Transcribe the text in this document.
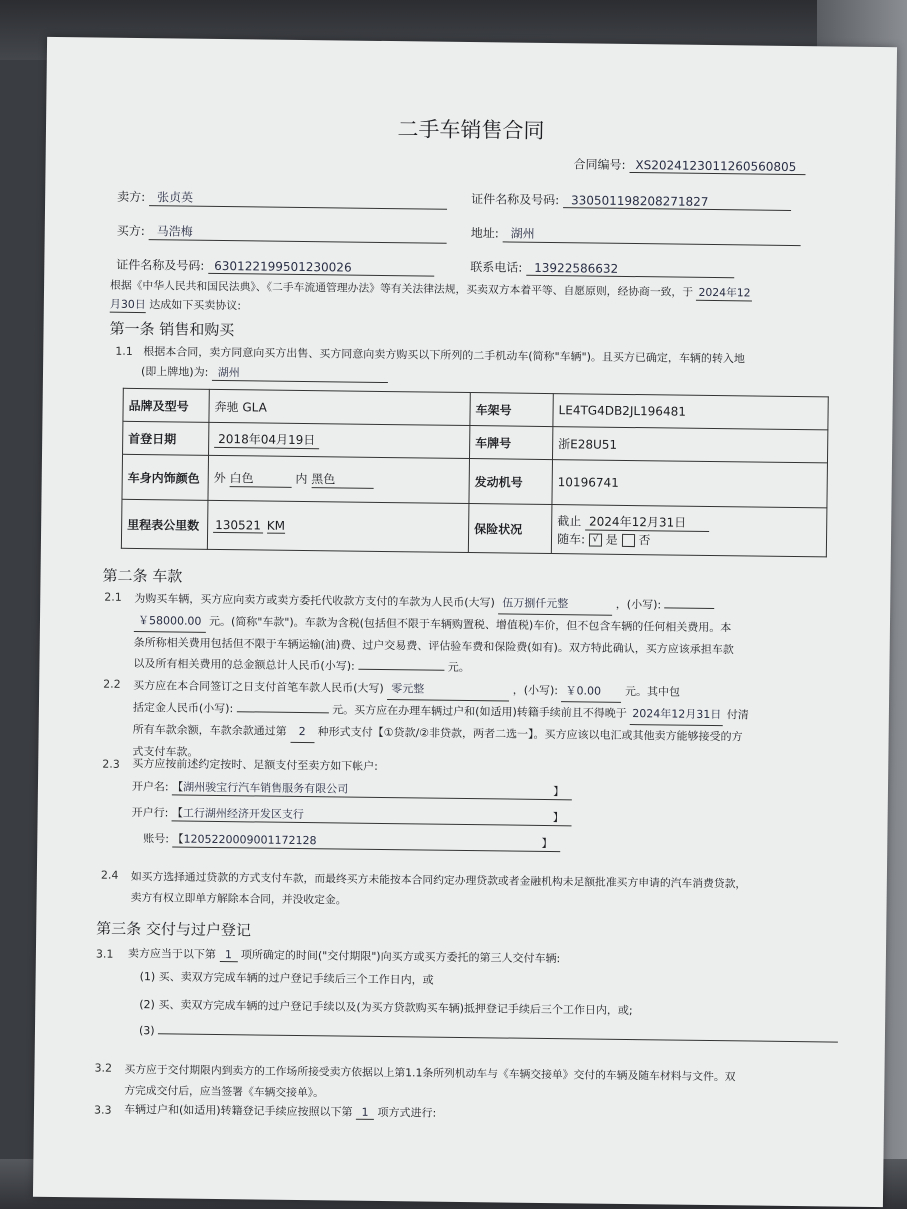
二手车销售合同
合同编号: XS2024123011260560805
卖方: 张贞英	证件名称及号码: 330501198208271827
买方: 马浩梅	地址: 湖州
证件名称及号码: 630122199501230026	联系电话: 13922586632
根据《中华人民共和国民法典》、《二手车流通管理办法》等有关法律法规，买卖双方本着平等、自愿原则，经协商一致，于 2024年12
月30日 达成如下买卖协议:
第一条 销售和购买
1.1 根据本合同，卖方同意向买方出售、买方同意向卖方购买以下所列的二手机动车(简称"车辆")。且买方已确定，车辆的转入地
(即上牌地)为: 湖州
品牌及型号	奔驰 GLA	车架号	LE4TG4DB2JL196481
首登日期	2018年04月19日	车牌号	浙E28U51
车身内饰颜色	外 白色 内 黑色	发动机号	10196741
里程表公里数	130521 KM	保险状况	截止 2024年12月31日
随车: √ 是 否
第二条 车款
2.1 为购买车辆，买方应向卖方或卖方委托代收款方支付的车款为人民币(大写) 伍万捌仟元整	，(小写):
￥58000.00 元。(简称"车款")。车款为含税(包括但不限于车辆购置税、增值税)车价，但不包含车辆的任何相关费用。本
条所称相关费用包括但不限于车辆运输(油)费、过户交易费、评估验车费和保险费(如有)。双方特此确认，买方应该承担车款
以及所有相关费用的总金额总计人民币(小写):	元。
2.2 买方应在本合同签订之日支付首笔车款人民币(大写) 零元整	，(小写): ￥0.00 元。其中包
括定金人民币(小写):	元。买方应在办理车辆过户和(如适用)转籍手续前且不得晚于 2024年12月31日 付清
所有车款余额，车款余款通过第 2 种形式支付【①贷款/②非贷款，两者二选一】。买方应该以电汇或其他卖方能够接受的方
式支付车款。
2.3 买方应按前述约定按时、足额支付至卖方如下帐户:
开户名: 【湖州骏宝行汽车销售服务有限公司	】
开户行: 【工行湖州经济开发区支行	】
账号: 【1205220009001172128	】
2.4 如买方选择通过贷款的方式支付车款，而最终买方未能按本合同约定办理贷款或者金融机构未足额批准买方申请的汽车消费贷款，
卖方有权立即单方解除本合同，并没收定金。
第三条 交付与过户登记
3.1 卖方应当于以下第 1 项所确定的时间("交付期限")向买方或买方委托的第三人交付车辆:
(1) 买、卖双方完成车辆的过户登记手续后三个工作日内，或
(2) 买、卖双方完成车辆的过户登记手续以及(为买方贷款购买车辆)抵押登记手续后三个工作日内，或;
(3)
3.2 买方应于交付期限内到卖方的工作场所接受卖方依据以上第1.1条所列机动车与《车辆交接单》交付的车辆及随车材料与文件。双
方完成交付后，应当签署《车辆交接单》。
3.3 车辆过户和(如适用)转籍登记手续应按照以下第 1 项方式进行:
